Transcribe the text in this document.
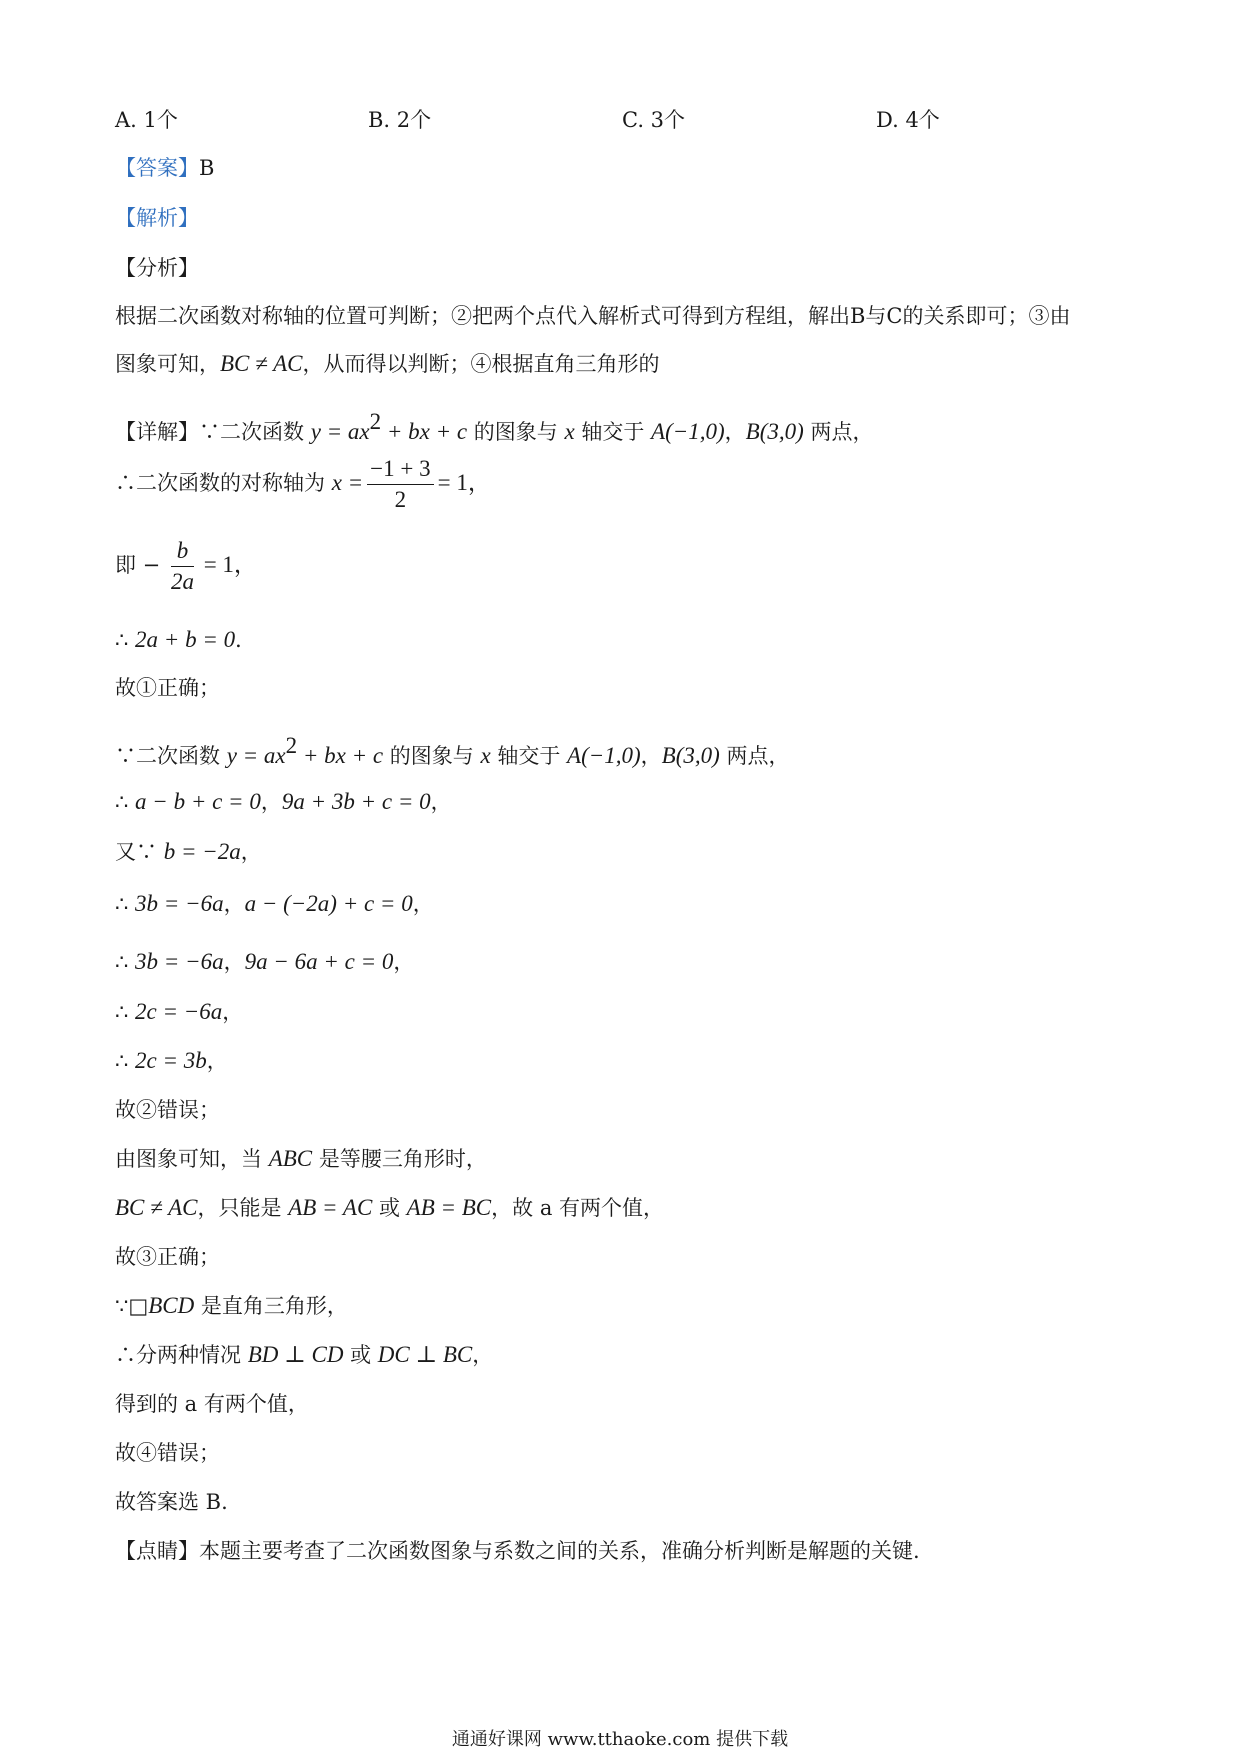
A. 1个	B. 2个	C. 3个	D. 4个
【答案】B
【解析】
【分析】
根据二次函数对称轴的位置可判断；②把两个点代入解析式可得到方程组，解出B与C的关系即可；③由
图象可知，BC ≠ AC，从而得以判断；④根据直角三角形的
【详解】∵二次函数 $y = ax^2$ + bx + c 的图象与 x 轴交于 A(−1,0)，B(3,0) 两点，
∴二次函数的对称轴为 $x = \frac{-1 + 3}{2} = 1$，
即 − $\frac{b}{2a} = 1$，
∴ 2a + b = 0．
故①正确；
∵二次函数 $y = ax^2$ + bx + c 的图象与 x 轴交于 A(−1,0)，B(3,0) 两点，
∴ a − b + c = 0，9a + 3b + c = 0，
又∵ b = −2a，
∴ 3b = −6a，a − (−2a) + c = 0，
∴ 3b = −6a，9a − 6a + c = 0，
∴ 2c = −6a，
∴ 2c = 3b，
故②错误；
由图象可知，当 ABC 是等腰三角形时，
BC ≠ AC，只能是 AB = AC 或 AB = BC，故 a 有两个值，
故③正确；
∵□BCD 是直角三角形，
∴分两种情况 BD ⊥ CD 或 DC ⊥ BC，
得到的 a 有两个值，
故④错误；
故答案选 B.
【点睛】本题主要考查了二次函数图象与系数之间的关系，准确分析判断是解题的关键.
通通好课网 www.tthaoke.com 提供下载
